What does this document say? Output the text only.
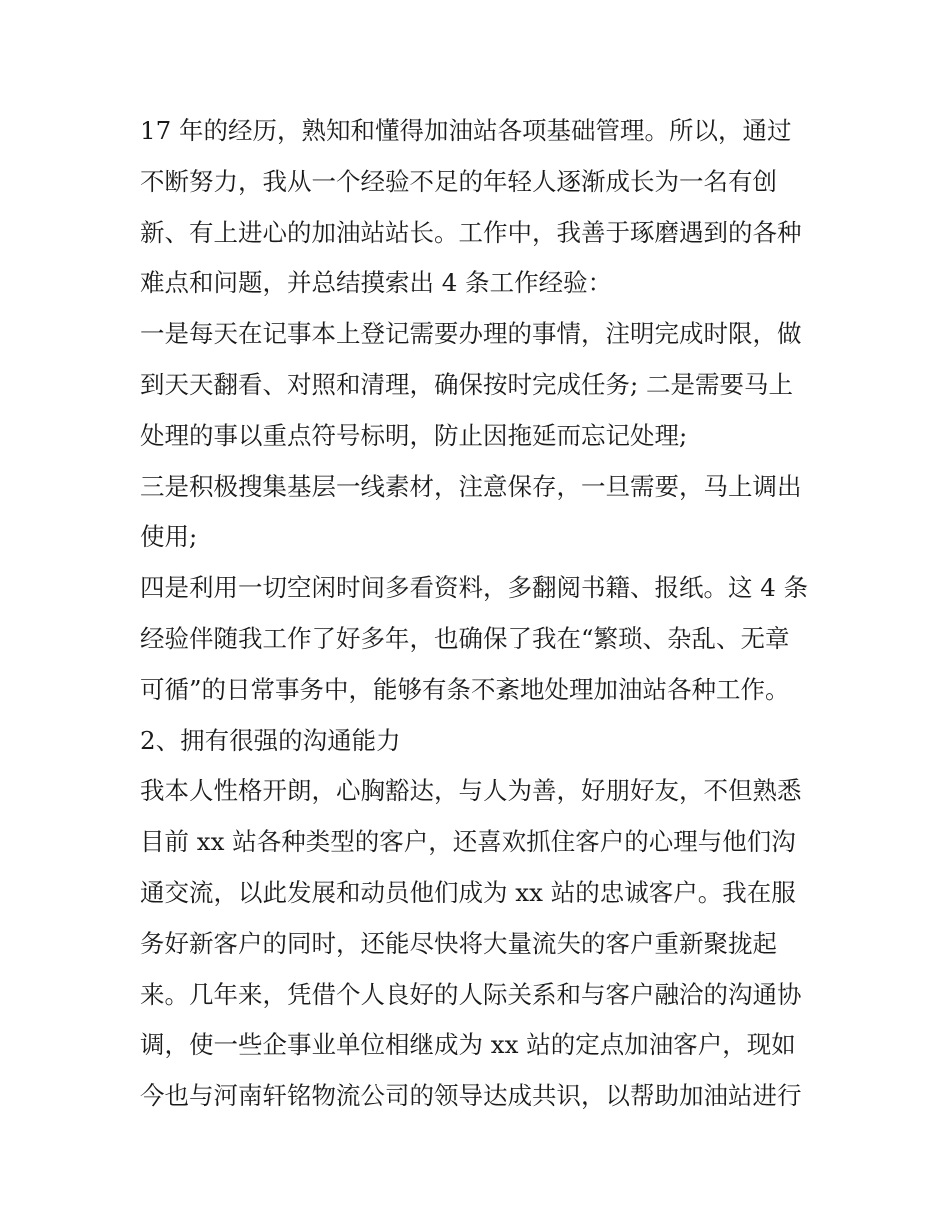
17 年的经历，熟知和懂得加油站各项基础管理。所以，通过
不断努力，我从一个经验不足的年轻人逐渐成长为一名有创
新、有上进心的加油站站长。工作中，我善于琢磨遇到的各种
难点和问题，并总结摸索出 4 条工作经验：
一是每天在记事本上登记需要办理的事情，注明完成时限，做
到天天翻看、对照和清理，确保按时完成任务; 二是需要马上
处理的事以重点符号标明，防止因拖延而忘记处理;
三是积极搜集基层一线素材，注意保存，一旦需要，马上调出
使用;
四是利用一切空闲时间多看资料，多翻阅书籍、报纸。这 4 条
经验伴随我工作了好多年，也确保了我在“繁琐、杂乱、无章
可循”的日常事务中，能够有条不紊地处理加油站各种工作。
2、拥有很强的沟通能力
我本人性格开朗，心胸豁达，与人为善，好朋好友，不但熟悉
目前 xx 站各种类型的客户，还喜欢抓住客户的心理与他们沟
通交流，以此发展和动员他们成为 xx 站的忠诚客户。我在服
务好新客户的同时，还能尽快将大量流失的客户重新聚拢起
来。几年来，凭借个人良好的人际关系和与客户融洽的沟通协
调，使一些企事业单位相继成为 xx 站的定点加油客户，现如
今也与河南轩铭物流公司的领导达成共识，以帮助加油站进行
